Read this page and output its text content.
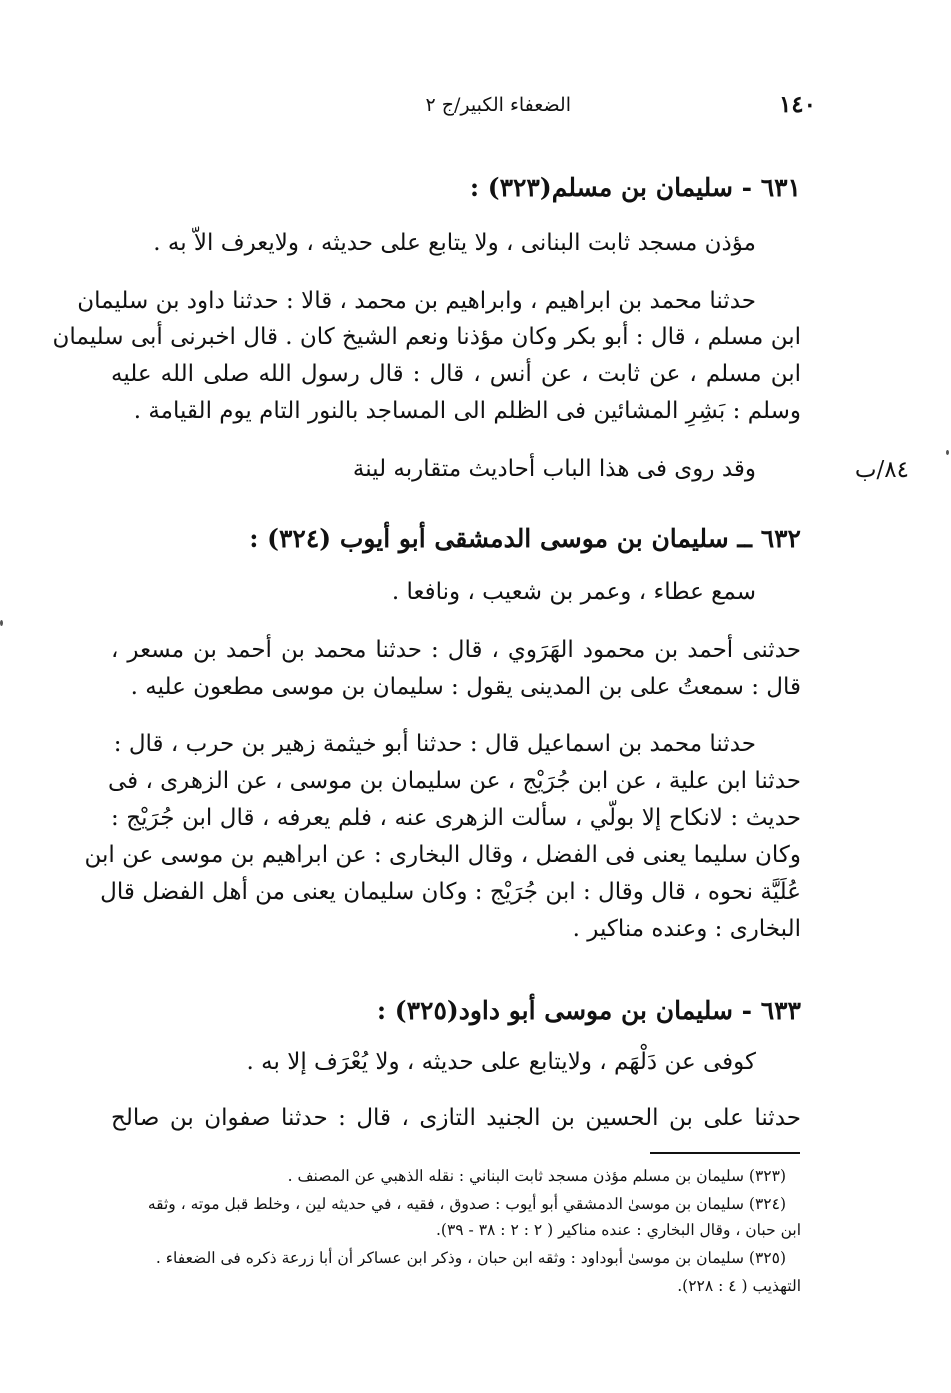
١٤٠
الضعفاء الكبير/ج ٢
٦٣١ - سليمان بن مسلم(٣٢٣) :
مؤذن مسجد ثابت البنانى ، ولا يتابع على حديثه ، ولايعرف الاّ به .
حدثنا محمد بن ابراهيم ، وابراهيم بن محمد ، قالا : حدثنا داود بن سليمان
ابن مسلم ، قال : أبو بكر وكان مؤذنا ونعم الشيخ كان . قال اخبرنى أبى سليمان
ابن مسلم ، عن ثابت ، عن أنس ، قال : قال رسول الله صلى الله عليه
وسلم : بَشِرِ المشائين فى الظلم الى المساجد بالنور التام يوم القيامة .
وقد روى فى هذا الباب أحاديث متقاربه لينة	٨٤/ب
٦٣٢ ــ سليمان بن موسى الدمشقى أبو أيوب (٣٢٤) :
سمع عطاء ، وعمر بن شعيب ، ونافعا .
حدثنى أحمد بن محمود الهَرَوي ، قال : حدثنا محمد بن أحمد بن مسعر ،
قال : سمعتُ على بن المدينى يقول : سليمان بن موسى مطعون عليه .
حدثنا محمد بن اسماعيل قال : حدثنا أبو خيثمة زهير بن حرب ، قال :
حدثنا ابن علية ، عن ابن جُرَيْج ، عن سليمان بن موسى ، عن الزهرى ، فى
حديث : لانكاح إلا بولّي ، سألت الزهرى عنه ، فلم يعرفه ، قال ابن جُرَيْج :
وكان سليما يعنى فى الفضل ، وقال البخارى : عن ابراهيم بن موسى عن ابن
عُلَيَّة نحوه ، قال وقال : ابن جُرَيْج : وكان سليمان يعنى من أهل الفضل قال
البخارى : وعنده مناكير .
٦٣٣ - سليمان بن موسى أبو داود(٣٢٥) :
كوفى عن دَلْهَم ، ولايتابع على حديثه ، ولا يُعْرَف إلا به .
حدثنا على بن الحسين بن الجنيد التازى ، قال : حدثنا صفوان بن صالح
(٣٢٣) سليمان بن مسلم مؤذن مسجد ثابت البناني : نقله الذهبي عن المصنف .
(٣٢٤) سليمان بن موسىٰ الدمشقي أبو أيوب : صدوق ، فقيه ، في حديثه لين ، وخلط قبل موته ، وثقه
ابن حبان ، وقال البخاري : عنده مناكير ( ٢ : ٢ : ٣٨ - ٣٩).
(٣٢٥) سليمان بن موسىٰ أبوداود : وثقه ابن حبان ، وذكر ابن عساكر أن أبا زرعة ذكره فى الضعفاء .
التهذيب ( ٤ : ٢٢٨).
